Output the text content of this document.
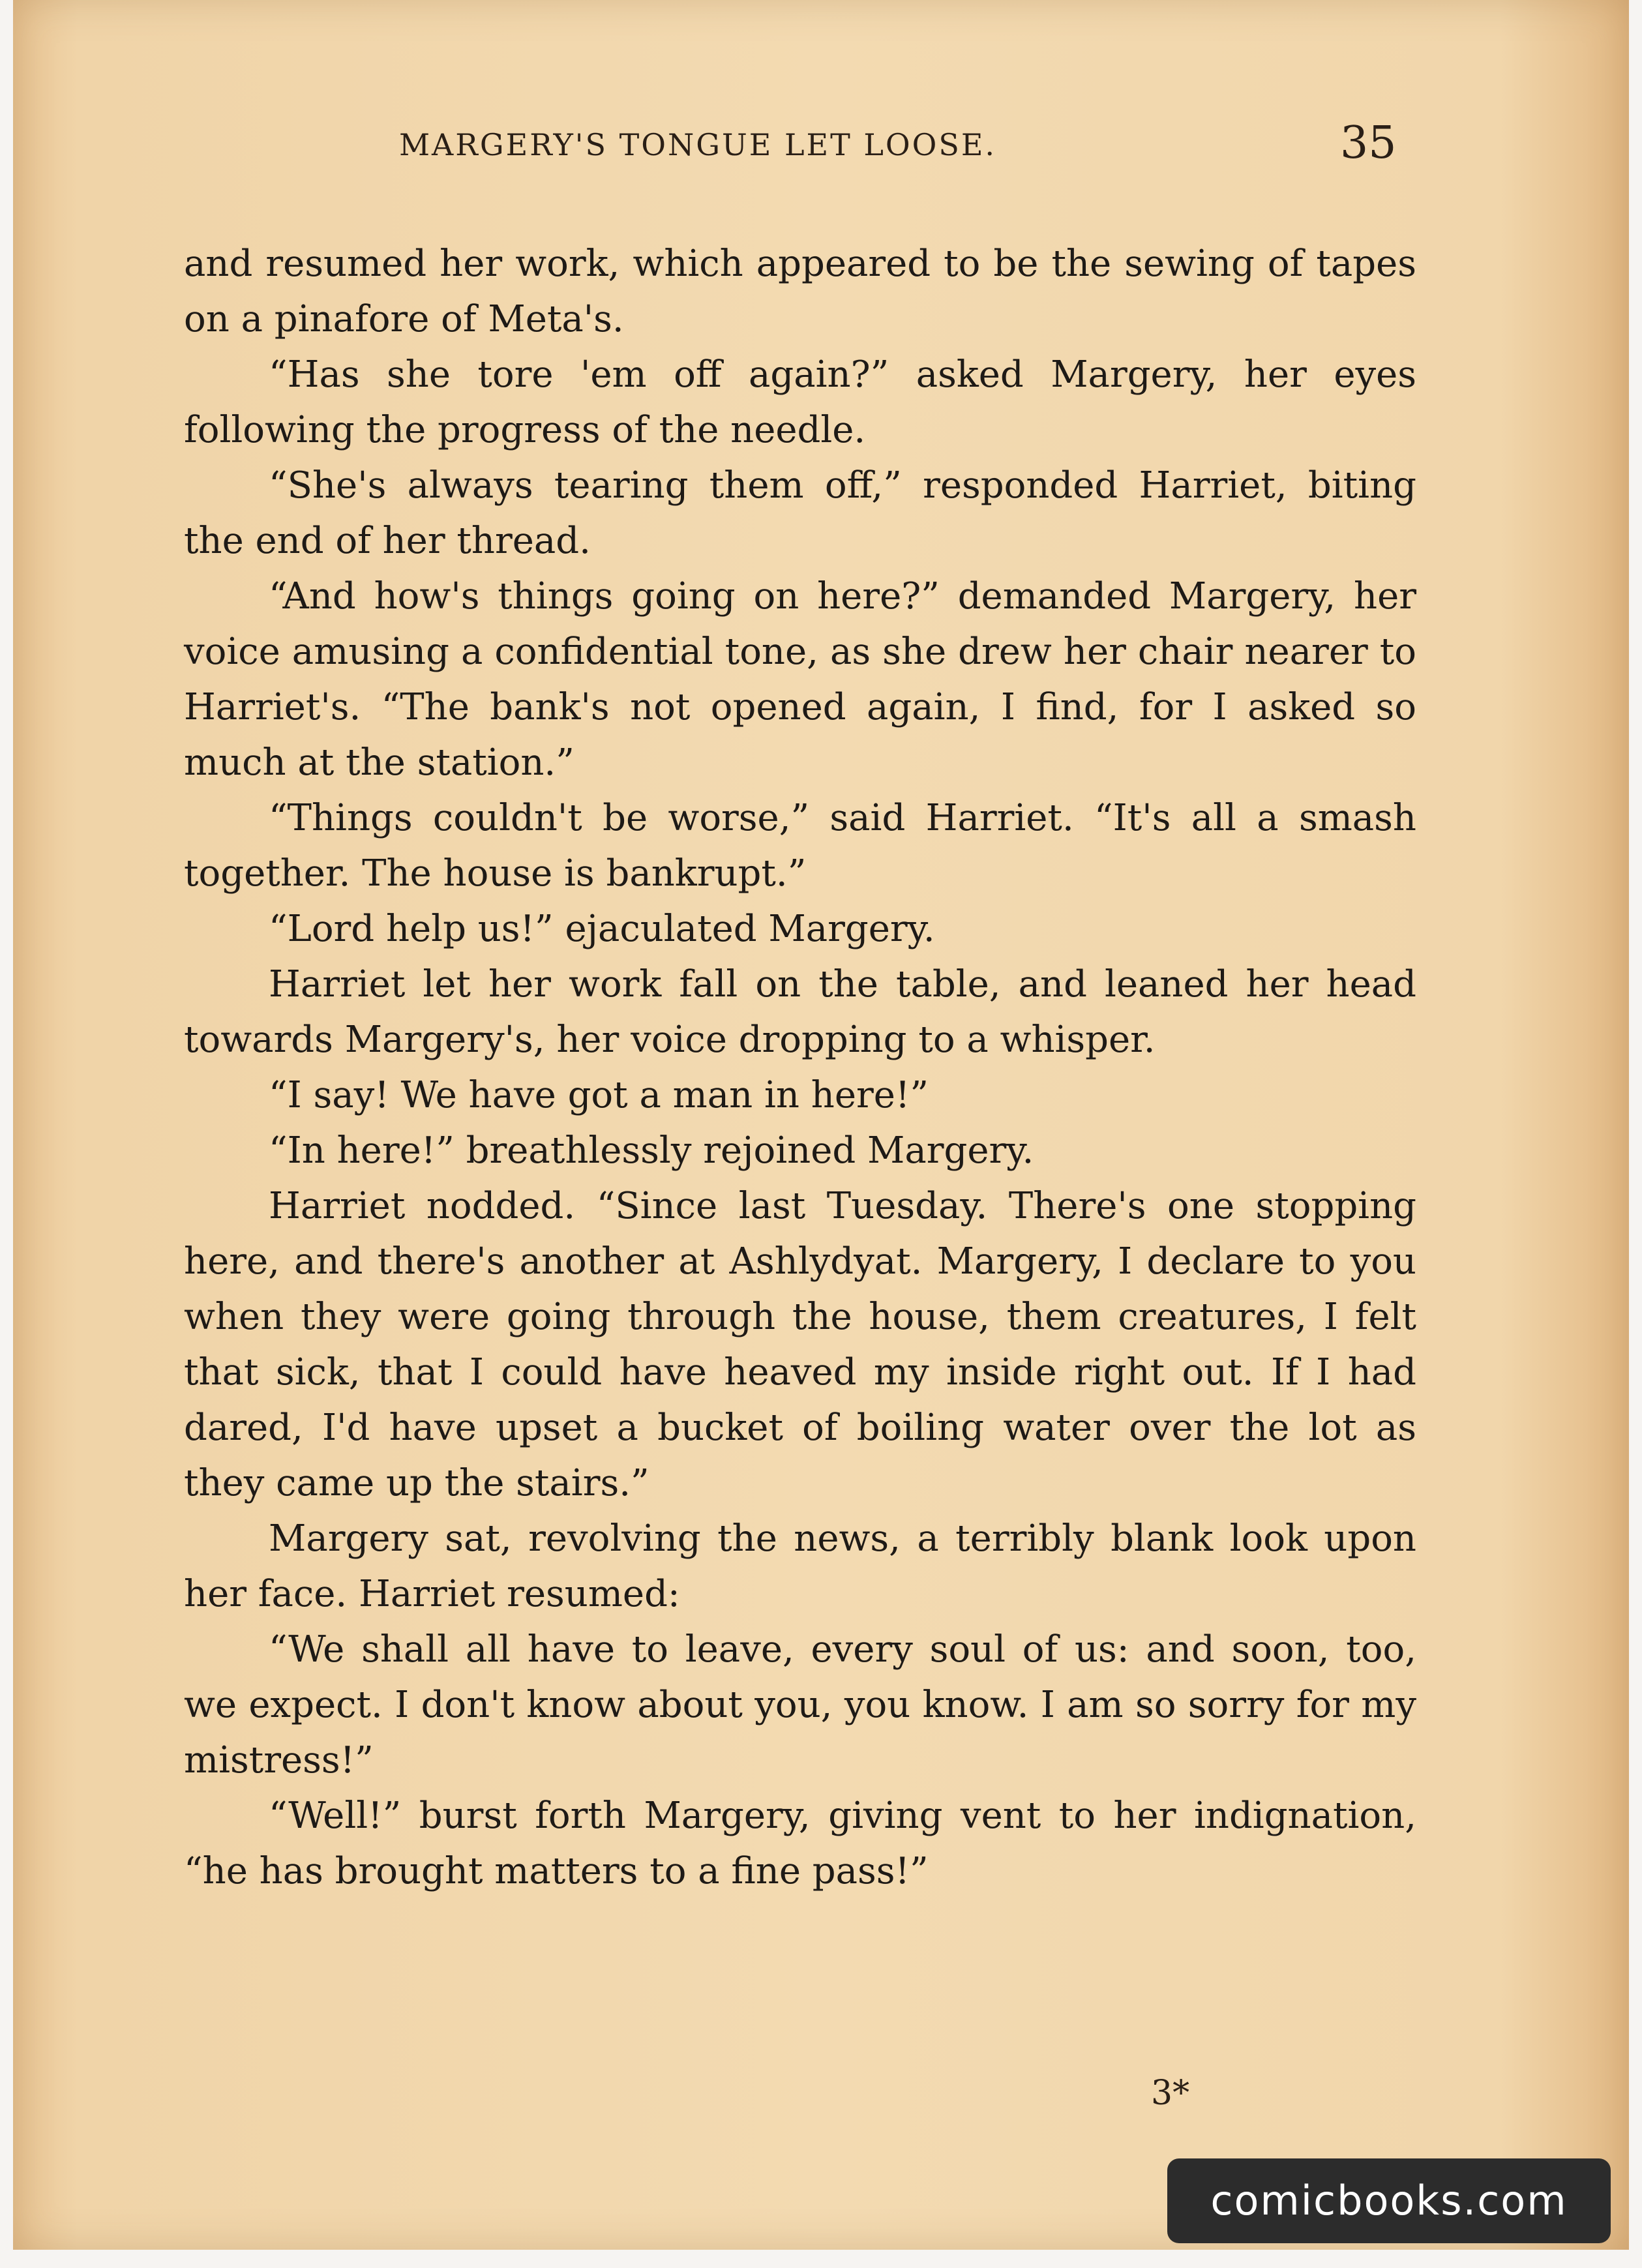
MARGERY'S TONGUE LET LOOSE.	35

and resumed her work, which appeared to be the sewing of tapes on a pinafore of Meta's.

“Has she tore 'em off again?” asked Margery, her eyes following the progress of the needle.

“She's always tearing them off,” responded Harriet, biting the end of her thread.

“And how's things going on here?” demanded Margery, her voice amusing a confidential tone, as she drew her chair nearer to Harriet's. “The bank's not opened again, I find, for I asked so much at the station.”

“Things couldn't be worse,” said Harriet. “It's all a smash together. The house is bankrupt.”

“Lord help us!” ejaculated Margery.

Harriet let her work fall on the table, and leaned her head towards Margery's, her voice dropping to a whisper.

“I say! We have got a man in here!”

“In here!” breathlessly rejoined Margery.

Harriet nodded. “Since last Tuesday. There's one stopping here, and there's another at Ashlydyat. Margery, I declare to you when they were going through the house, them creatures, I felt that sick, that I could have heaved my inside right out. If I had dared, I'd have upset a bucket of boiling water over the lot as they came up the stairs.”

Margery sat, revolving the news, a terribly blank look upon her face. Harriet resumed:

“We shall all have to leave, every soul of us: and soon, too, we expect. I don't know about you, you know. I am so sorry for my mistress!”

“Well!” burst forth Margery, giving vent to her indignation, “he has brought matters to a fine pass!”

3*
comicbooks.com
